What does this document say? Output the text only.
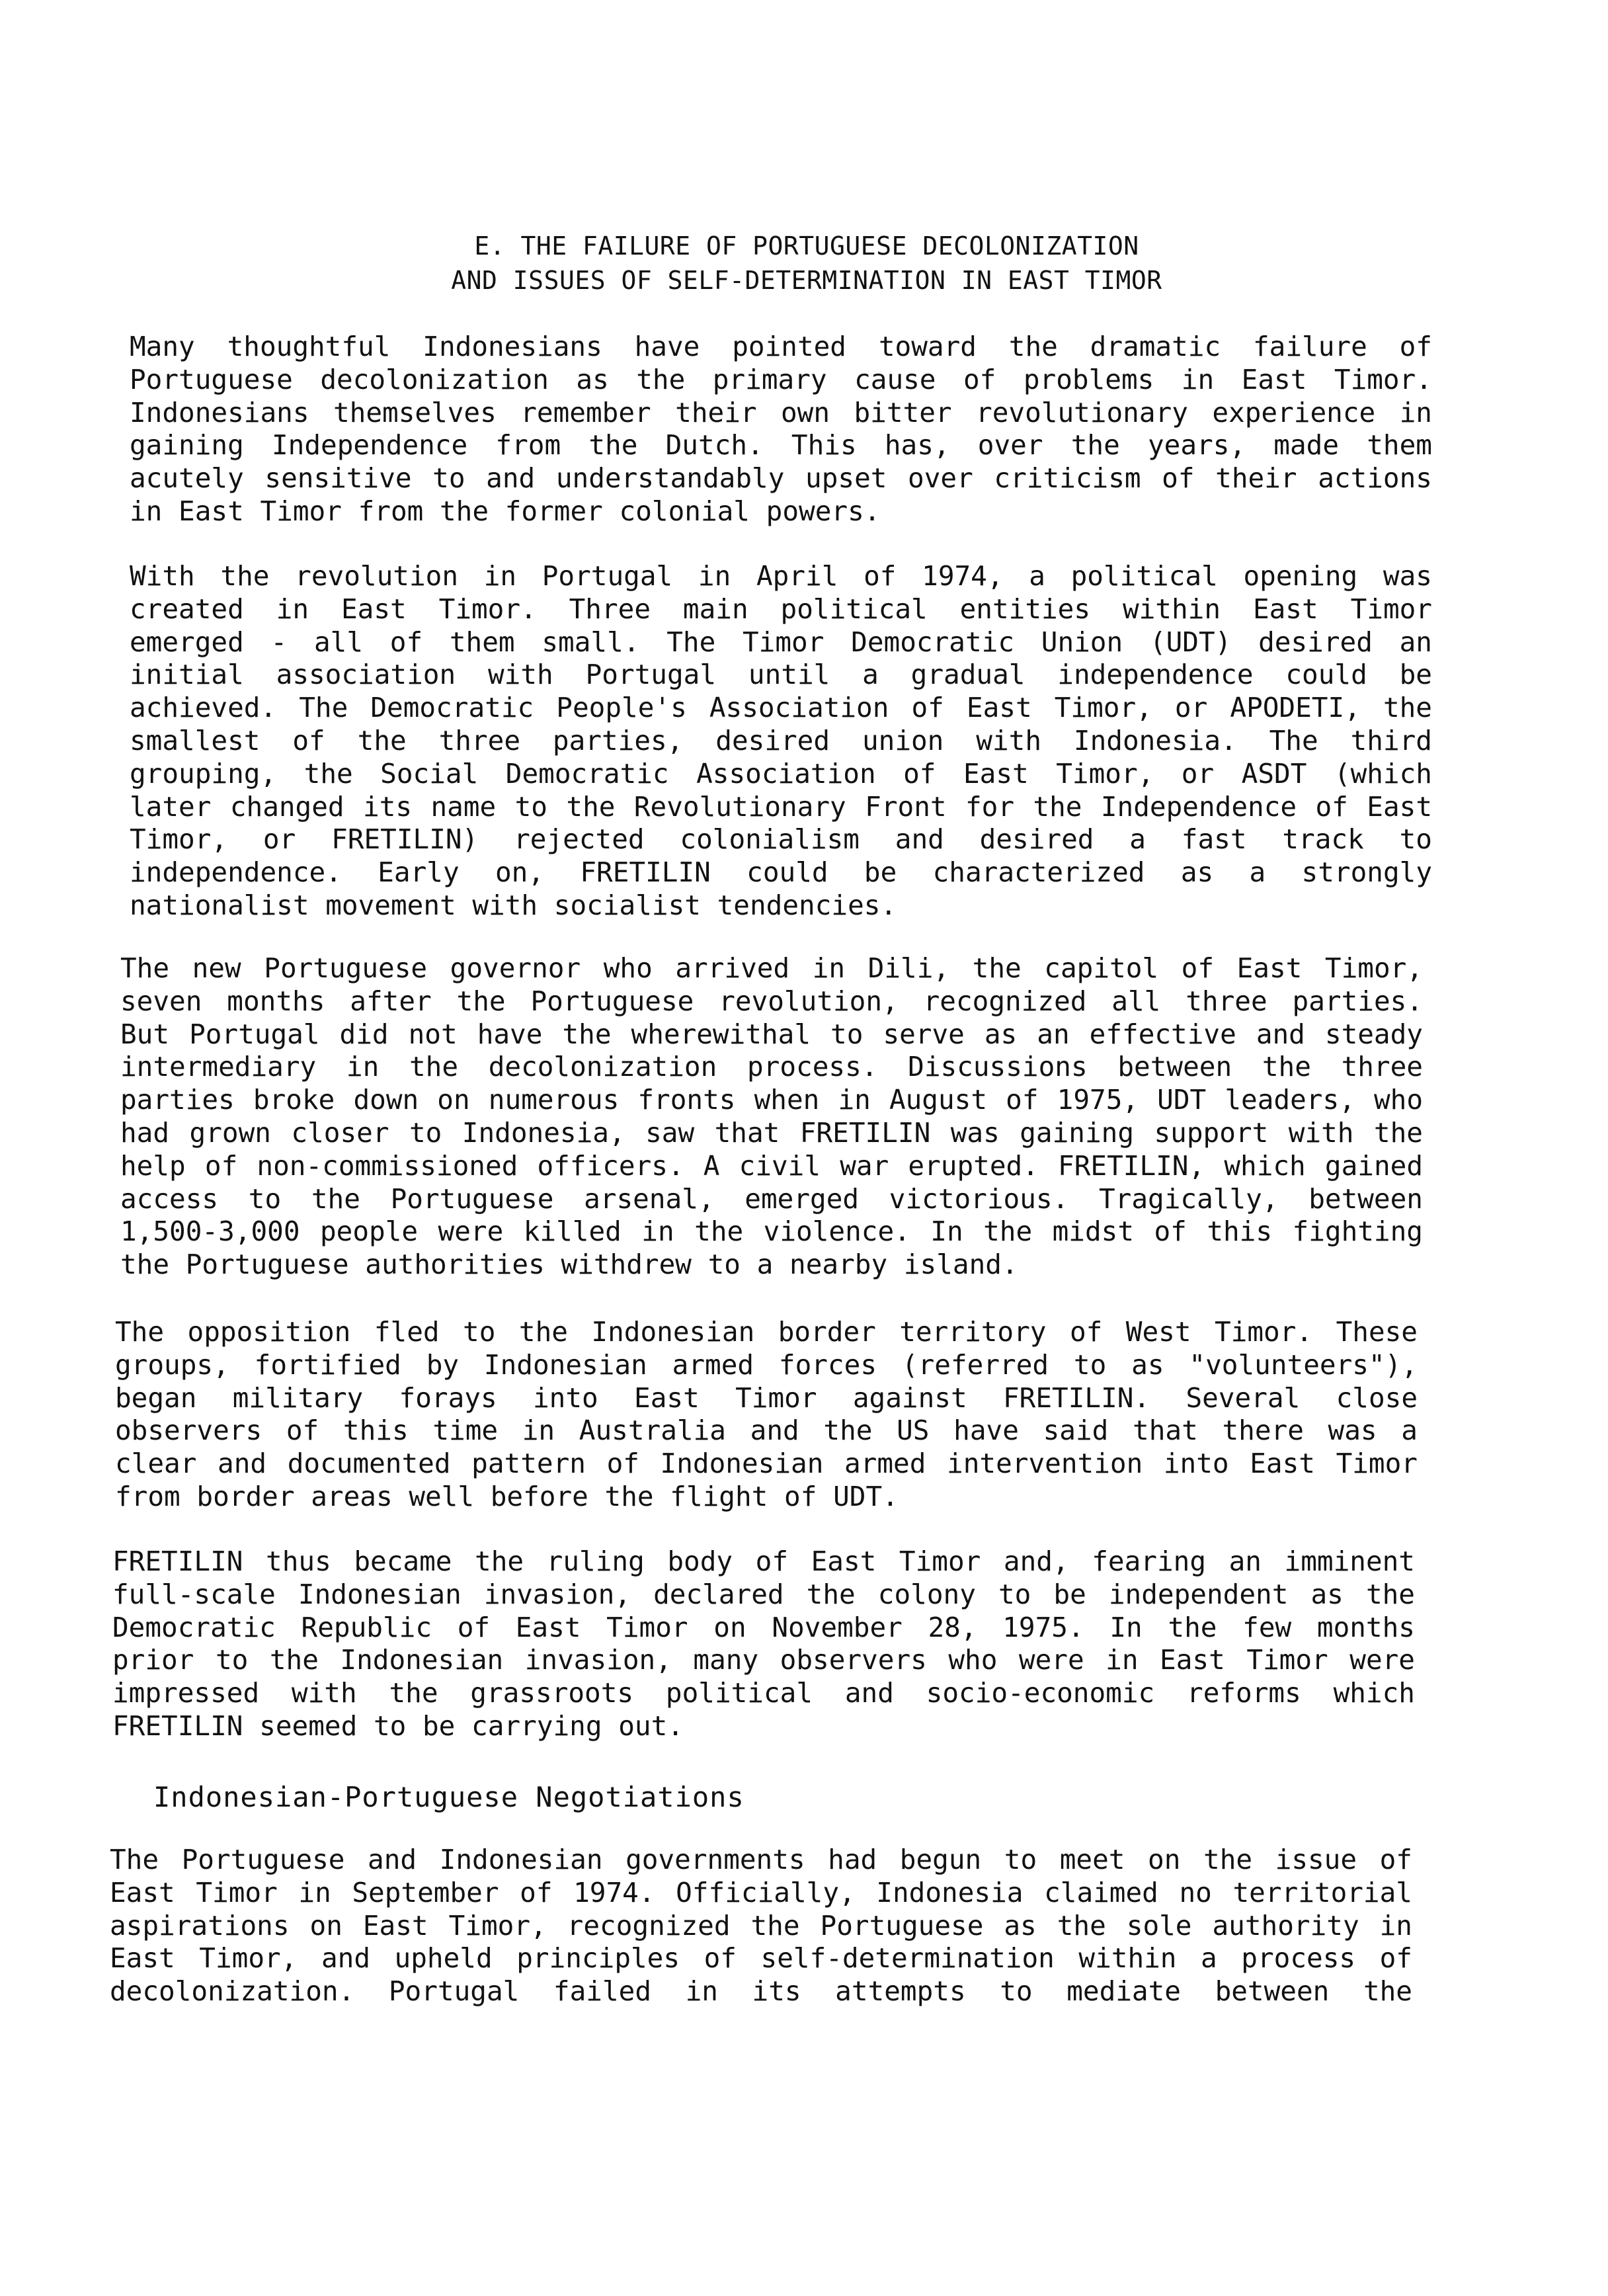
E. THE FAILURE OF PORTUGUESE DECOLONIZATION
AND ISSUES OF SELF-DETERMINATION IN EAST TIMOR
Many thoughtful Indonesians have pointed toward the dramatic failure of
Portuguese decolonization as the primary cause of problems in East Timor.
Indonesians themselves remember their own bitter revolutionary experience in
gaining Independence from the Dutch. This has, over the years, made them
acutely sensitive to and understandably upset over criticism of their actions
in East Timor from the former colonial powers.
With the revolution in Portugal in April of 1974, a political opening was
created in East Timor. Three main political entities within East Timor
emerged - all of them small. The Timor Democratic Union (UDT) desired an
initial association with Portugal until a gradual independence could be
achieved. The Democratic People's Association of East Timor, or APODETI, the
smallest of the three parties, desired union with Indonesia. The third
grouping, the Social Democratic Association of East Timor, or ASDT (which
later changed its name to the Revolutionary Front for the Independence of East
Timor, or FRETILIN) rejected colonialism and desired a fast track to
independence. Early on, FRETILIN could be characterized as a strongly
nationalist movement with socialist tendencies.
The new Portuguese governor who arrived in Dili, the capitol of East Timor,
seven months after the Portuguese revolution, recognized all three parties.
But Portugal did not have the wherewithal to serve as an effective and steady
intermediary in the decolonization process. Discussions between the three
parties broke down on numerous fronts when in August of 1975, UDT leaders, who
had grown closer to Indonesia, saw that FRETILIN was gaining support with the
help of non-commissioned officers. A civil war erupted. FRETILIN, which gained
access to the Portuguese arsenal, emerged victorious. Tragically, between
1,500-3,000 people were killed in the violence. In the midst of this fighting
the Portuguese authorities withdrew to a nearby island.
The opposition fled to the Indonesian border territory of West Timor. These
groups, fortified by Indonesian armed forces (referred to as "volunteers"),
began military forays into East Timor against FRETILIN. Several close
observers of this time in Australia and the US have said that there was a
clear and documented pattern of Indonesian armed intervention into East Timor
from border areas well before the flight of UDT.
FRETILIN thus became the ruling body of East Timor and, fearing an imminent
full-scale Indonesian invasion, declared the colony to be independent as the
Democratic Republic of East Timor on November 28, 1975. In the few months
prior to the Indonesian invasion, many observers who were in East Timor were
impressed with the grassroots political and socio-economic reforms which
FRETILIN seemed to be carrying out.
Indonesian-Portuguese Negotiations
The Portuguese and Indonesian governments had begun to meet on the issue of
East Timor in September of 1974. Officially, Indonesia claimed no territorial
aspirations on East Timor, recognized the Portuguese as the sole authority in
East Timor, and upheld principles of self-determination within a process of
decolonization. Portugal failed in its attempts to mediate between the
